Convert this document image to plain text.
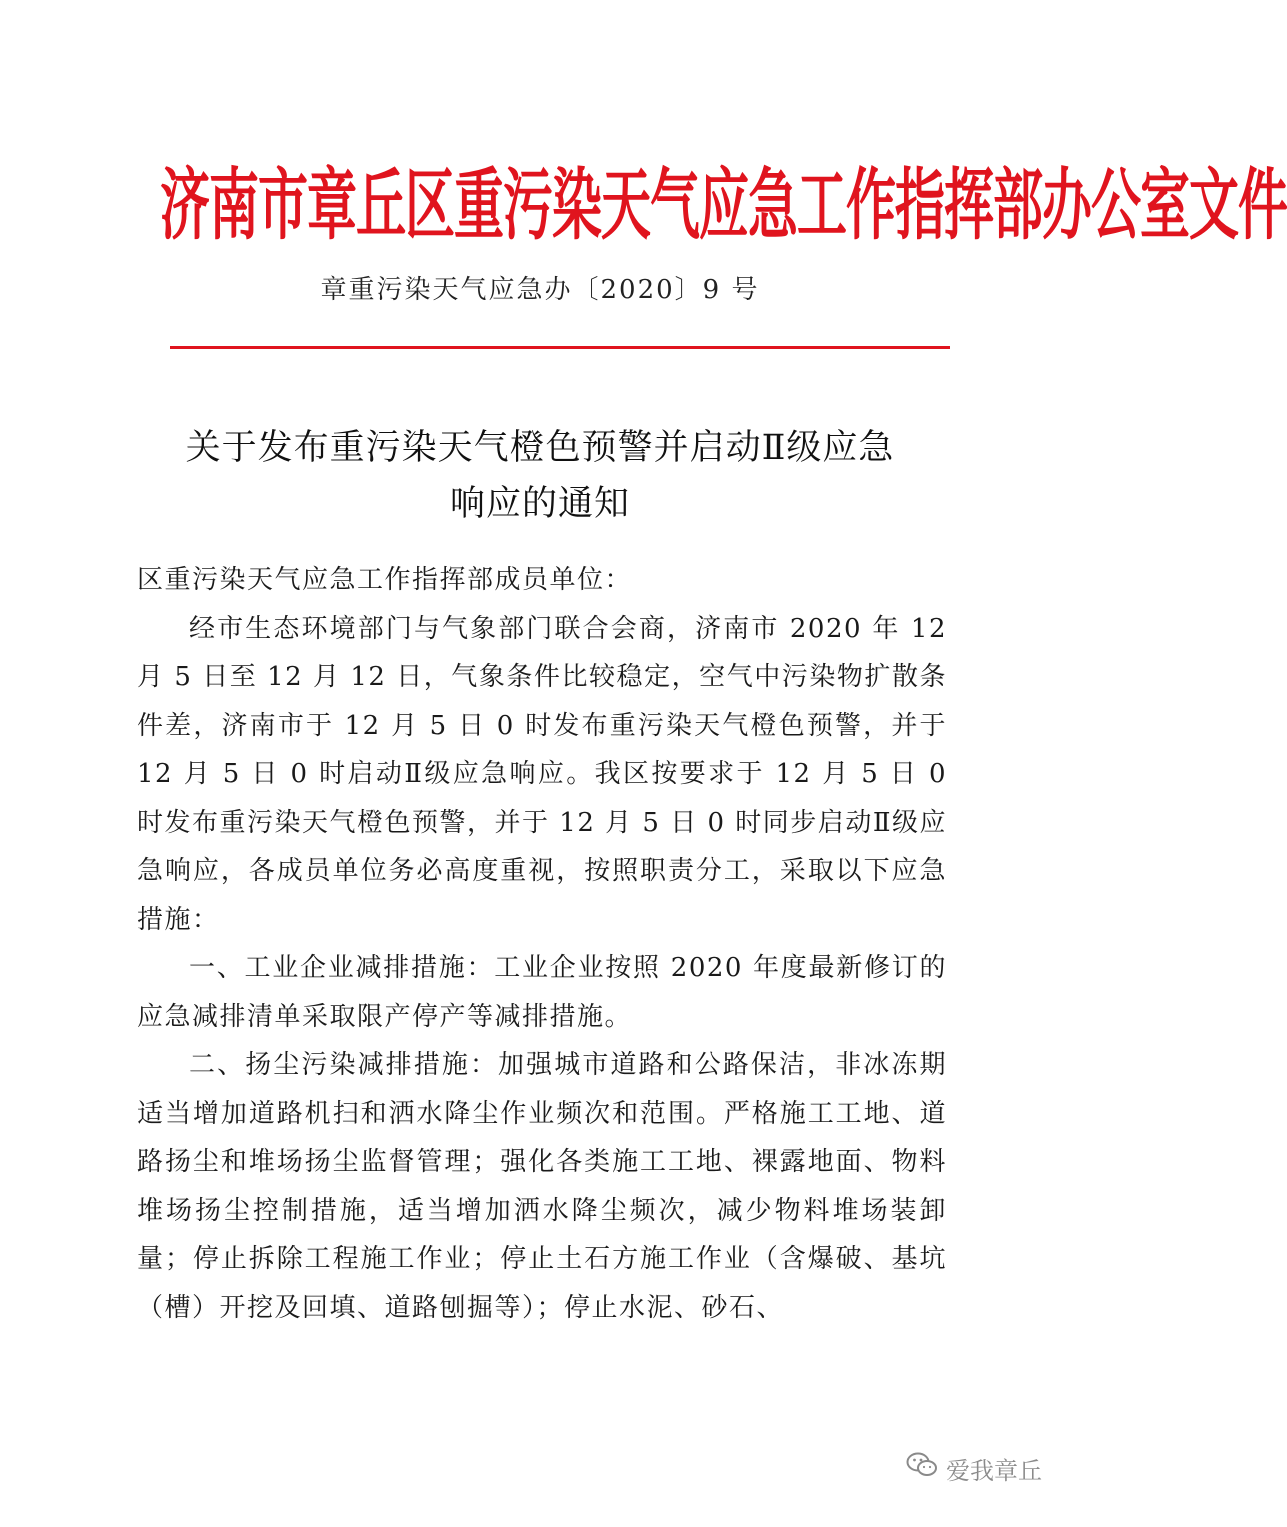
济南市章丘区重污染天气应急工作指挥部办公室文件
章重污染天气应急办〔2020〕9 号
关于发布重污染天气橙色预警并启动Ⅱ级应急
响应的通知

区重污染天气应急工作指挥部成员单位：

经市生态环境部门与气象部门联合会商，济南市 2020 年 12 月 5 日至 12 月 12 日，气象条件比较稳定，空气中污染物扩散条件差，济南市于 12 月 5 日 0 时发布重污染天气橙色预警，并于 12 月 5 日 0 时启动Ⅱ级应急响应。我区按要求于 12 月 5 日 0 时发布重污染天气橙色预警，并于 12 月 5 日 0 时同步启动Ⅱ级应急响应，各成员单位务必高度重视，按照职责分工，采取以下应急措施：

一、工业企业减排措施：工业企业按照 2020 年度最新修订的应急减排清单采取限产停产等减排措施。

二、扬尘污染减排措施：加强城市道路和公路保洁，非冰冻期适当增加道路机扫和洒水降尘作业频次和范围。严格施工工地、道路扬尘和堆场扬尘监督管理；强化各类施工工地、裸露地面、物料堆场扬尘控制措施，适当增加洒水降尘频次，减少物料堆场装卸量；停止拆除工程施工作业；停止土石方施工作业（含爆破、基坑（槽）开挖及回填、道路刨掘等）；停止水泥、砂石、

爱我章丘
